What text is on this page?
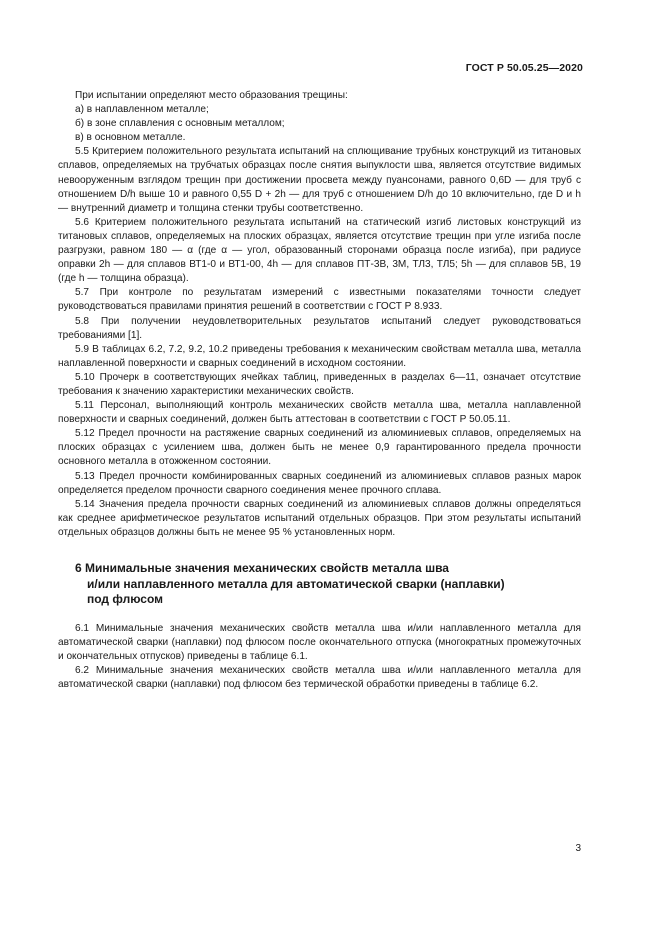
ГОСТ Р 50.05.25—2020

При испытании определяют место образования трещины:

а) в наплавленном металле;

б) в зоне сплавления с основным металлом;

в) в основном металле.

5.5 Критерием положительного результата испытаний на сплющивание трубных конструкций из титановых сплавов, определяемых на трубчатых образцах после снятия выпуклости шва, является отсутствие видимых невооруженным взглядом трещин при достижении просвета между пуансонами, равного 0,6D — для труб с отношением D/h выше 10 и равного 0,55 D + 2h — для труб с отношением D/h до 10 включительно, где D и h — внутренний диаметр и толщина стенки трубы соответственно.

5.6 Критерием положительного результата испытаний на статический изгиб листовых конструкций из титановых сплавов, определяемых на плоских образцах, является отсутствие трещин при угле изгиба после разгрузки, равном 180 — α (где α — угол, образованный сторонами образца после изгиба), при радиусе оправки 2h — для сплавов ВТ1-0 и ВТ1-00, 4h — для сплавов ПТ-3В, 3М, ТЛ3, ТЛ5; 5h — для сплавов 5В, 19 (где h — толщина образца).

5.7 При контроле по результатам измерений с известными показателями точности следует руководствоваться правилами принятия решений в соответствии с ГОСТ Р 8.933.

5.8 При получении неудовлетворительных результатов испытаний следует руководствоваться требованиями [1].

5.9 В таблицах 6.2, 7.2, 9.2, 10.2 приведены требования к механическим свойствам металла шва, металла наплавленной поверхности и сварных соединений в исходном состоянии.

5.10 Прочерк в соответствующих ячейках таблиц, приведенных в разделах 6—11, означает отсутствие требования к значению характеристики механических свойств.

5.11 Персонал, выполняющий контроль механических свойств металла шва, металла наплавленной поверхности и сварных соединений, должен быть аттестован в соответствии с ГОСТ Р 50.05.11.

5.12 Предел прочности на растяжение сварных соединений из алюминиевых сплавов, определяемых на плоских образцах с усилением шва, должен быть не менее 0,9 гарантированного предела прочности основного металла в отожженном состоянии.

5.13 Предел прочности комбинированных сварных соединений из алюминиевых сплавов разных марок определяется пределом прочности сварного соединения менее прочного сплава.

5.14 Значения предела прочности сварных соединений из алюминиевых сплавов должны определяться как среднее арифметическое результатов испытаний отдельных образцов. При этом результаты испытаний отдельных образцов должны быть не менее 95 % установленных норм.

6 Минимальные значения механических свойств металла шва
и/или наплавленного металла для автоматической сварки (наплавки)
под флюсом

6.1 Минимальные значения механических свойств металла шва и/или наплавленного металла для автоматической сварки (наплавки) под флюсом после окончательного отпуска (многократных промежуточных и окончательных отпусков) приведены в таблице 6.1.

6.2 Минимальные значения механических свойств металла шва и/или наплавленного металла для автоматической сварки (наплавки) под флюсом без термической обработки приведены в таблице 6.2.

3
